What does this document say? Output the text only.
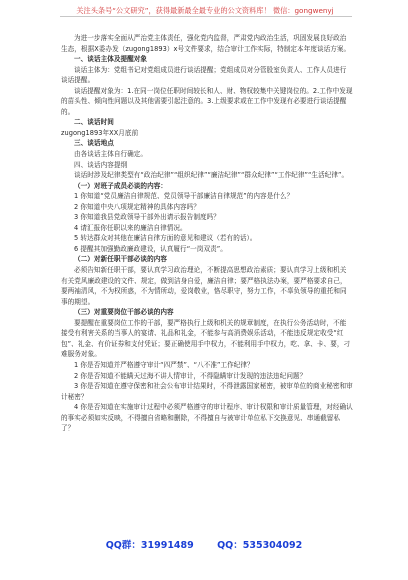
关注头条号“公文研究”，获得最新最全最专业的公文资料库！ 微信：gongwenyj

为进一步落实全面从严治党主体责任，强化党内监督，严肃党内政治生活，巩固发展良好政治生态，根据X委办发（zugong1893）x号文件要求，结合审计工作实际，特制定本年度谈话方案。

一、谈话主体及提醒对象

谈话主体为：党组书记对党组成员进行谈话提醒；党组成员对分管股室负责人、工作人员进行谈话提醒。

谈话提醒对象为：1.在同一岗位任职时间较长和人、财、物权较集中关键岗位的。2.工作中发现的苗头性、倾向性问题以及其他需要引起注意的。3.上级要求或在工作中发现有必要进行谈话提醒的。

二、谈话时间

zugong1893年XX月底前

三、谈话地点

由各谈话主体自行确定。

四、谈话内容提纲

谈话时涉及纪律类型有“政治纪律”“组织纪律”“廉洁纪律”“群众纪律”“工作纪律”“生活纪律”。

（一）对班子成员必谈的内容：

1 你知道“党员廉洁自律规范、党员领导干部廉洁自律规范”的内容是什么？

2 你知道中央八项规定精神的具体内容吗？

3 你知道我县党政领导干部外出请示报告制度吗？

4 请汇报你任职以来的廉洁自律情况。

5 转达群众对其他在廉洁自律方面的意见和建议（若有的话）。

6 提醒其加强勤政廉政建设，认真履行“一岗双责”。

（二）对新任职干部必谈的内容

必须告知新任职干部，要认真学习政治理论，不断提高思想政治素质；要认真学习上级和机关有关党风廉政建设的文件、规定，做到洁身自爱，廉洁自律；要严格执法办案，要严格要求自己，要两袖清风，不为权所惑，不为情所动，爱岗敬业，恪尽职守，努力工作，不辜负领导的重托和同事的期望。

（三）对重要岗位干部必谈的内容

要提醒在重要岗位工作的干部，要严格执行上级和机关的规章制度，在执行公务活动时，不能接受有利害关系的当事人的宴请、礼品和礼金，不能参与高消费娱乐活动，不能违反规定收受“红包”、礼金、有价证券和支付凭证；要正确使用手中权力，不能利用手中权力，吃、拿、卡、要，刁难服务对象。

1 你是否知道并严格遵守审计“四严禁”、“八不准”工作纪律？

2 你是否知道不能瞒天过海不讲人情审计，不得隐瞒审计发现的违法违纪问题？

3 你是否知道在遵守保密和社会公布审计结果时，不得泄露国家秘密，被审单位的商业秘密和审计秘密？

4 你是否知道在实施审计过程中必须严格遵守的审计程序、审计权限和审计质量管理，对经确认的事实必须如实反映，不得擅自省略和删除，不得擅自与被审计单位私下交换意见、串通截留私了？

QQ群：31991489 QQ：535304092
